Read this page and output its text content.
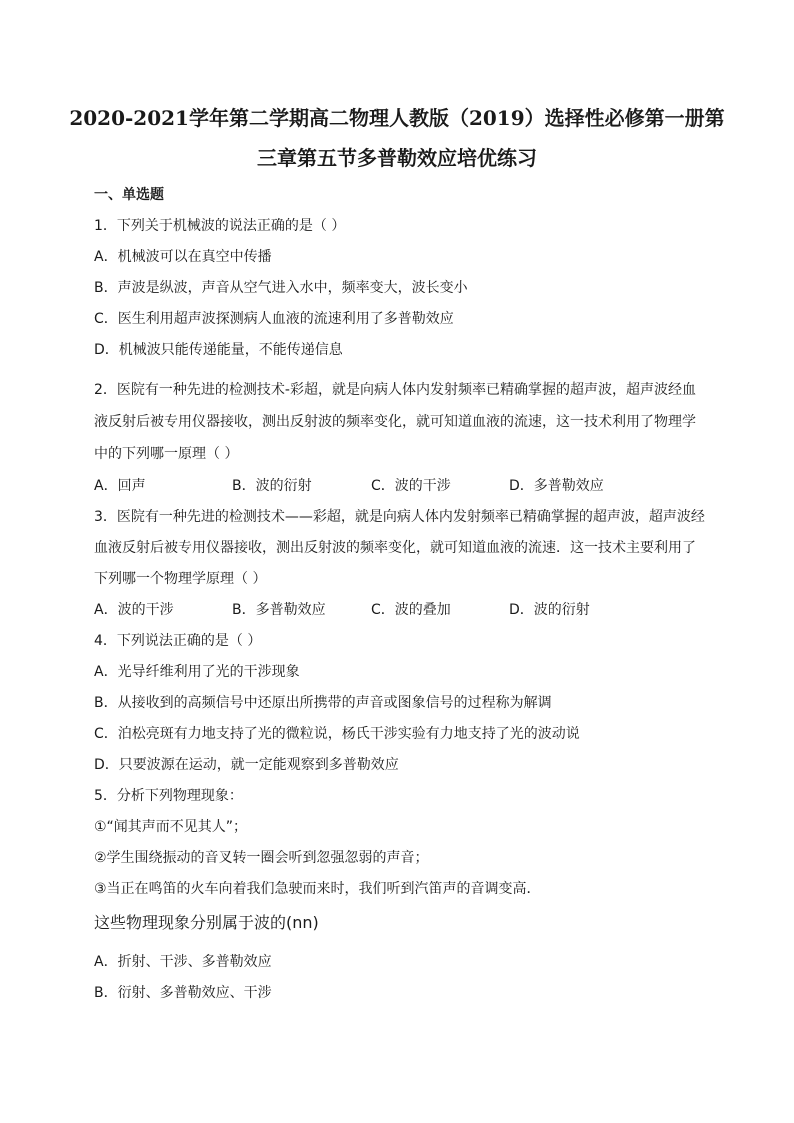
2020-2021学年第二学期高二物理人教版（2019）选择性必修第一册第
三章第五节多普勒效应培优练习
一、单选题
1．下列关于机械波的说法正确的是（ ）
A．机械波可以在真空中传播
B．声波是纵波，声音从空气进入水中，频率变大，波长变小
C．医生利用超声波探测病人血液的流速利用了多普勒效应
D．机械波只能传递能量，不能传递信息
2．医院有一种先进的检测技术-彩超，就是向病人体内发射频率已精确掌握的超声波，超声波经血
液反射后被专用仪器接收，测出反射波的频率变化，就可知道血液的流速，这一技术利用了物理学
中的下列哪一原理（ ）
A．回声	B．波的衍射	C．波的干涉	D．多普勒效应
3．医院有一种先进的检测技术——彩超，就是向病人体内发射频率已精确掌握的超声波，超声波经
血液反射后被专用仪器接收，测出反射波的频率变化，就可知道血液的流速．这一技术主要利用了
下列哪一个物理学原理（ ）
A．波的干涉	B．多普勒效应	C．波的叠加	D．波的衍射
4．下列说法正确的是（ ）
A．光导纤维利用了光的干涉现象
B．从接收到的高频信号中还原出所携带的声音或图象信号的过程称为解调
C．泊松亮斑有力地支持了光的微粒说，杨氏干涉实验有力地支持了光的波动说
D．只要波源在运动，就一定能观察到多普勒效应
5．分析下列物理现象：
①“闻其声而不见其人”；
②学生围绕振动的音叉转一圈会听到忽强忽弱的声音；
③当正在鸣笛的火车向着我们急驶而来时，我们听到汽笛声的音调变高．
这些物理现象分别属于波的(nn)
A．折射、干涉、多普勒效应
B．衍射、多普勒效应、干涉
